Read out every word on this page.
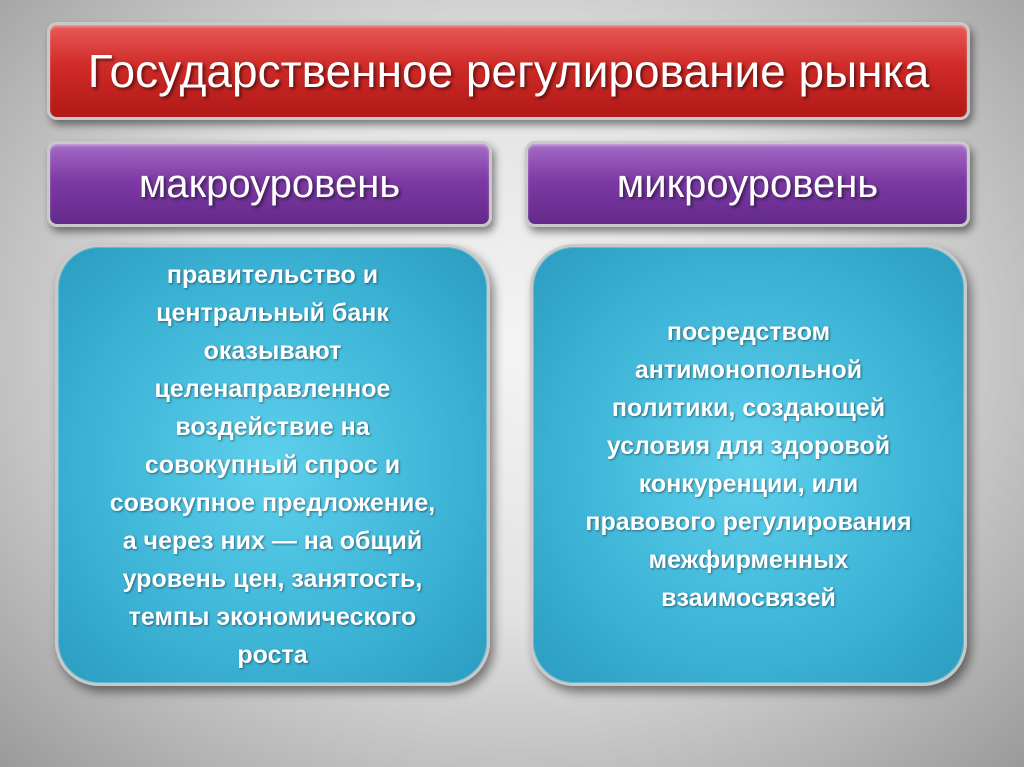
Государственное регулирование рынка
макроуровень	микроуровень
правительство и
центральный банк
оказывают
целенаправленное
воздействие на
совокупный спрос и
совокупное предложение,
а через них — на общий
уровень цен, занятость,
темпы экономического
роста
посредством
антимонопольной
политики, создающей
условия для здоровой
конкуренции, или
правового регулирования
межфирменных
взаимосвязей
